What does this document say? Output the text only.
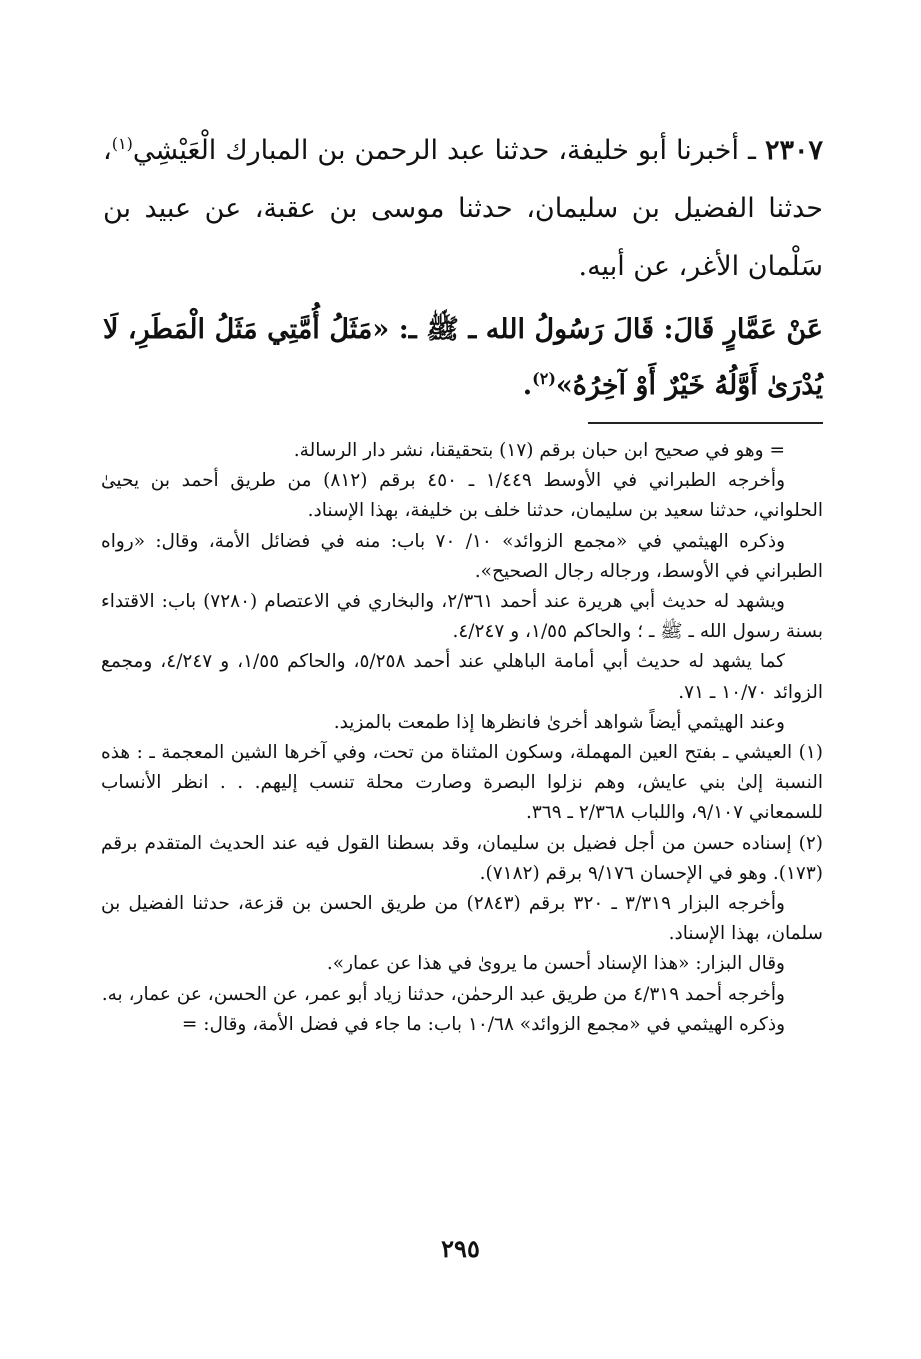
٢٣٠٧ ـ أخبرنا أبو خليفة، حدثنا عبد الرحمن بن المبارك الْعَيْشِي$^{(١)}$، حدثنا الفضيل بن سليمان، حدثنا موسى بن عقبة، عن عبيد بن سَلْمان الأغر، عن أبيه.

عَنْ عَمَّارٍ قَالَ: قَالَ رَسُولُ الله ـ ﷺ ـ: «مَثَلُ أُمَّتِي مَثَلُ الْمَطَرِ، لَا يُدْرَىٰ أَوَّلُهُ خَيْرٌ أَوْ آخِرُهُ»$^{(٢)}$.

= وهو في صحيح ابن حبان برقم (١٧) بتحقيقنا، نشر دار الرسالة.

وأخرجه الطبراني في الأوسط ١/٤٤٩ ـ ٤٥٠ برقم (٨١٢) من طريق أحمد بن يحيىٰ الحلواني، حدثنا سعيد بن سليمان، حدثنا خلف بن خليفة، بهذا الإسناد.

وذكره الهيثمي في «مجمع الزوائد» ١٠/ ٧٠ باب: منه في فضائل الأمة، وقال: «رواه الطبراني في الأوسط، ورجاله رجال الصحيح».

ويشهد له حديث أبي هريرة عند أحمد ٢/٣٦١، والبخاري في الاعتصام (٧٢٨٠) باب: الاقتداء بسنة رسول الله ـ ﷺ ـ ؛ والحاكم ١/٥٥، و ٤/٢٤٧.

كما يشهد له حديث أبي أمامة الباهلي عند أحمد ٥/٢٥٨، والحاكم ١/٥٥، و ٤/٢٤٧، ومجمع الزوائد ١٠/٧٠ ـ ٧١.

وعند الهيثمي أيضاً شواهد أخرىٰ فانظرها إذا طمعت بالمزيد.

(١) العيشي ـ بفتح العين المهملة، وسكون المثناة من تحت، وفي آخرها الشين المعجمة ـ : هذه النسبة إلىٰ بني عايش، وهم نزلوا البصرة وصارت محلة تنسب إليهم. . . انظر الأنساب للسمعاني ٩/١٠٧، واللباب ٢/٣٦٨ ـ ٣٦٩.

(٢) إسناده حسن من أجل فضيل بن سليمان، وقد بسطنا القول فيه عند الحديث المتقدم برقم (١٧٣). وهو في الإحسان ٩/١٧٦ برقم (٧١٨٢).

وأخرجه البزار ٣/٣١٩ ـ ٣٢٠ برقم (٢٨٤٣) من طريق الحسن بن قزعة، حدثنا الفضيل بن سلمان، بهذا الإسناد.

وقال البزار: «هذا الإسناد أحسن ما يروىٰ في هذا عن عمار».

وأخرجه أحمد ٤/٣١٩ من طريق عبد الرحمٰن، حدثنا زياد أبو عمر، عن الحسن، عن عمار، به.

وذكره الهيثمي في «مجمع الزوائد» ١٠/٦٨ باب: ما جاء في فضل الأمة، وقال: =

٢٩٥
